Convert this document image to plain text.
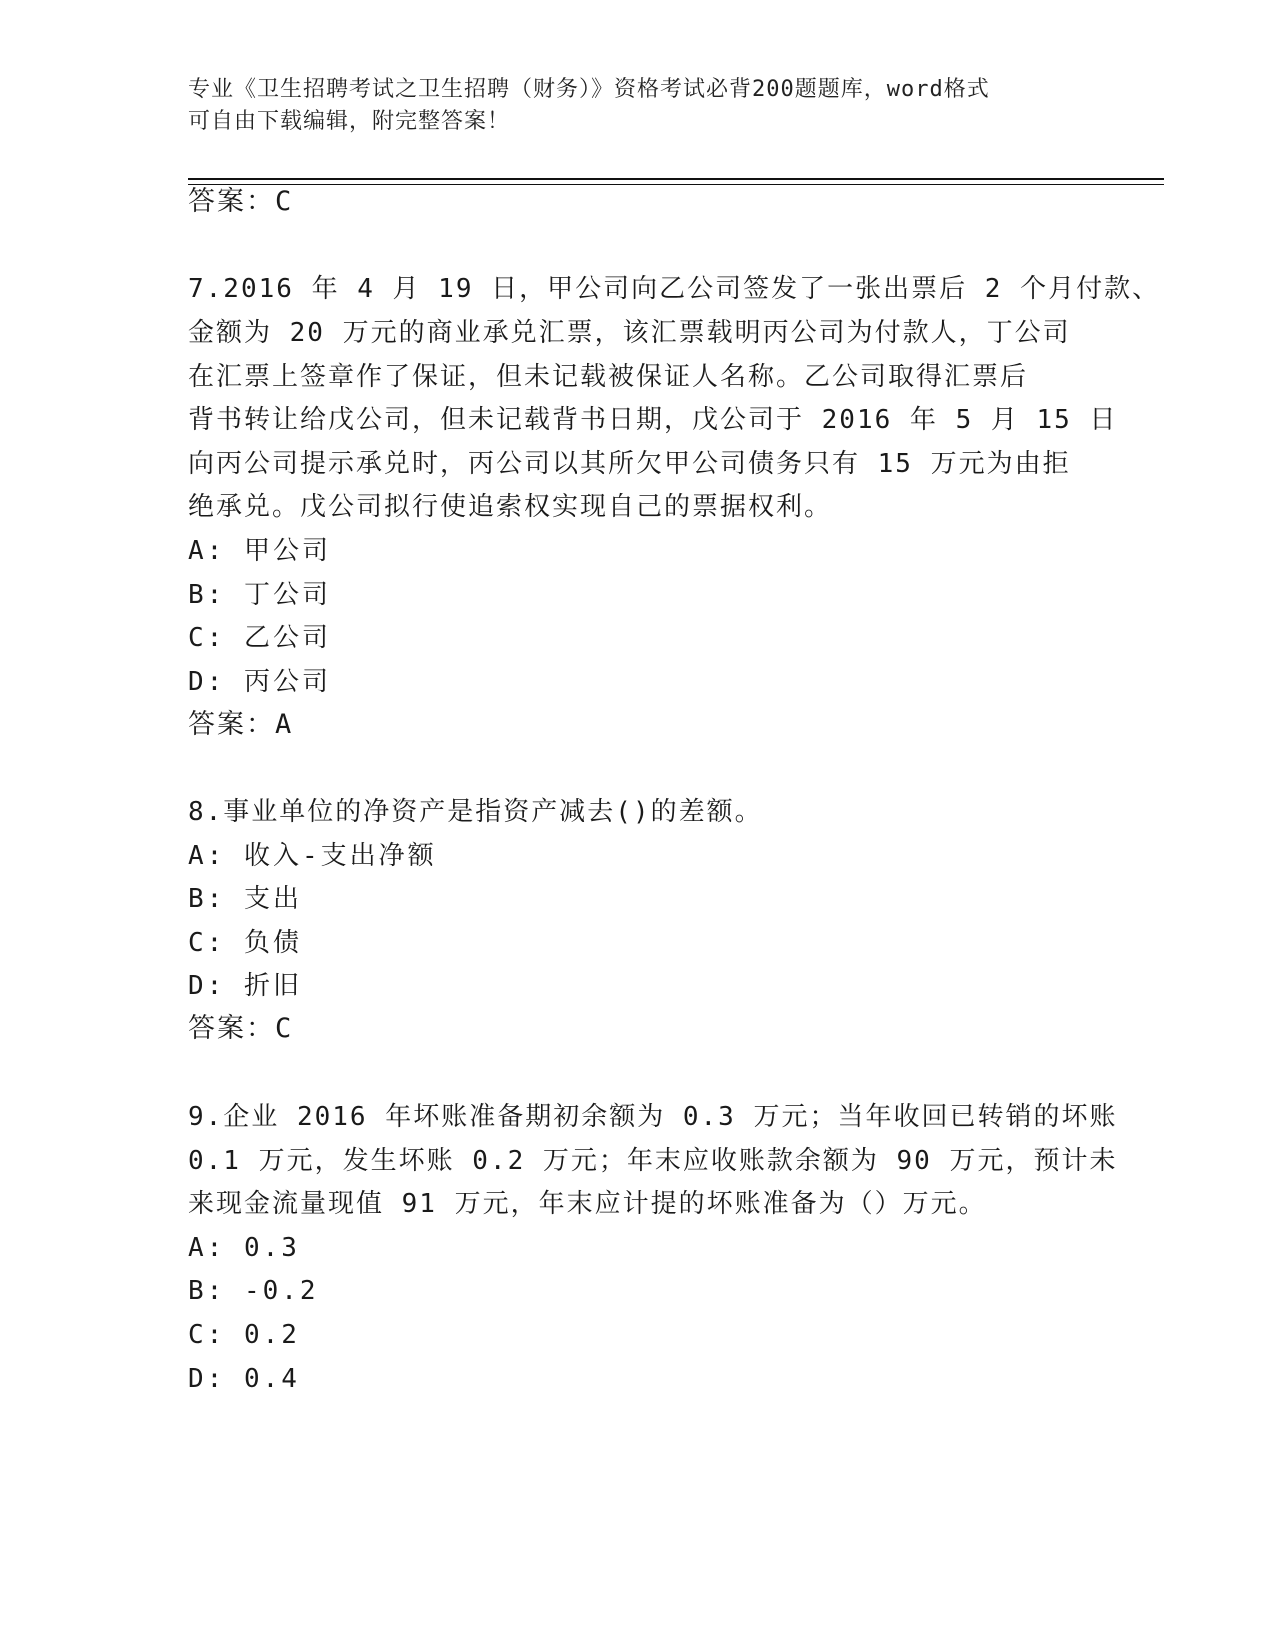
专业《卫生招聘考试之卫生招聘（财务）》资格考试必背200题题库，word格式
可自由下载编辑，附完整答案！
答案：C
7.2016 年 4 月 19 日，甲公司向乙公司签发了一张出票后 2 个月付款、
金额为 20 万元的商业承兑汇票，该汇票载明丙公司为付款人，丁公司
在汇票上签章作了保证，但未记载被保证人名称。乙公司取得汇票后
背书转让给戊公司，但未记载背书日期，戊公司于 2016 年 5 月 15 日
向丙公司提示承兑时，丙公司以其所欠甲公司债务只有 15 万元为由拒
绝承兑。戊公司拟行使追索权实现自己的票据权利。
A: 甲公司
B: 丁公司
C: 乙公司
D: 丙公司
答案：A
8.事业单位的净资产是指资产减去()的差额。
A: 收入-支出净额
B: 支出
C: 负债
D: 折旧
答案：C
9.企业 2016 年坏账准备期初余额为 0.3 万元；当年收回已转销的坏账
0.1 万元，发生坏账 0.2 万元；年末应收账款余额为 90 万元，预计未
来现金流量现值 91 万元，年末应计提的坏账准备为（）万元。
A: 0.3
B: -0.2
C: 0.2
D: 0.4
